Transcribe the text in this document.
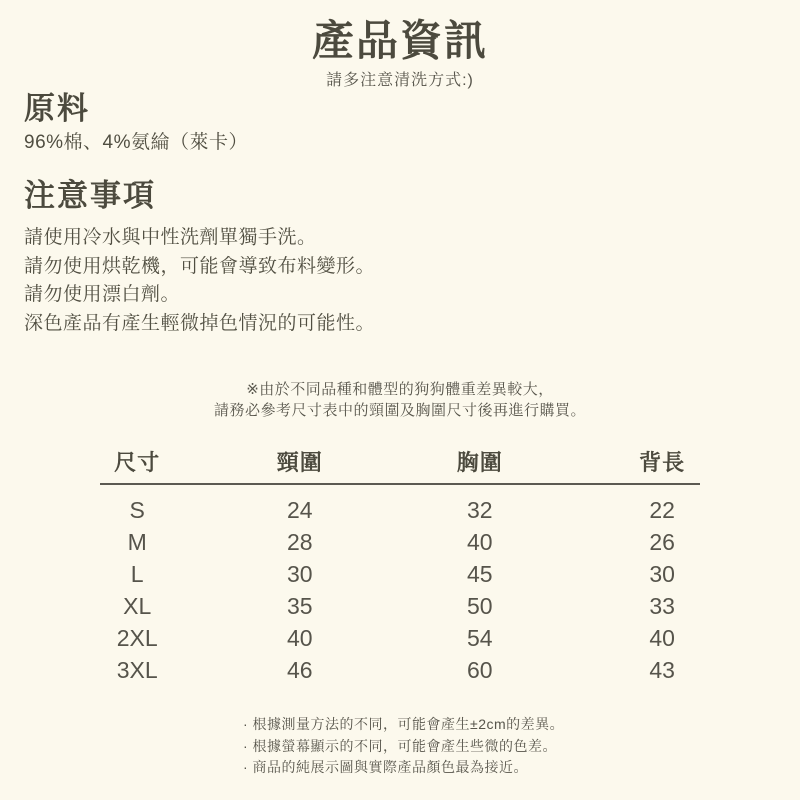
產品資訊
請多注意清洗方式:)
原料
96%棉、4%氨綸（萊卡）
注意事項
請使用冷水與中性洗劑單獨手洗。
請勿使用烘乾機，可能會導致布料變形。
請勿使用漂白劑。
深色產品有產生輕微掉色情況的可能性。
※由於不同品種和體型的狗狗體重差異較大，
請務必參考尺寸表中的頸圍及胸圍尺寸後再進行購買。
尺寸	頸圍	胸圍	背長
S	24	32	22
M	28	40	26
L	30	45	30
XL	35	50	33
2XL	40	54	40
3XL	46	60	43
· 根據測量方法的不同，可能會產生±2cm的差異。
· 根據螢幕顯示的不同，可能會產生些微的色差。
· 商品的純展示圖與實際產品顏色最為接近。
